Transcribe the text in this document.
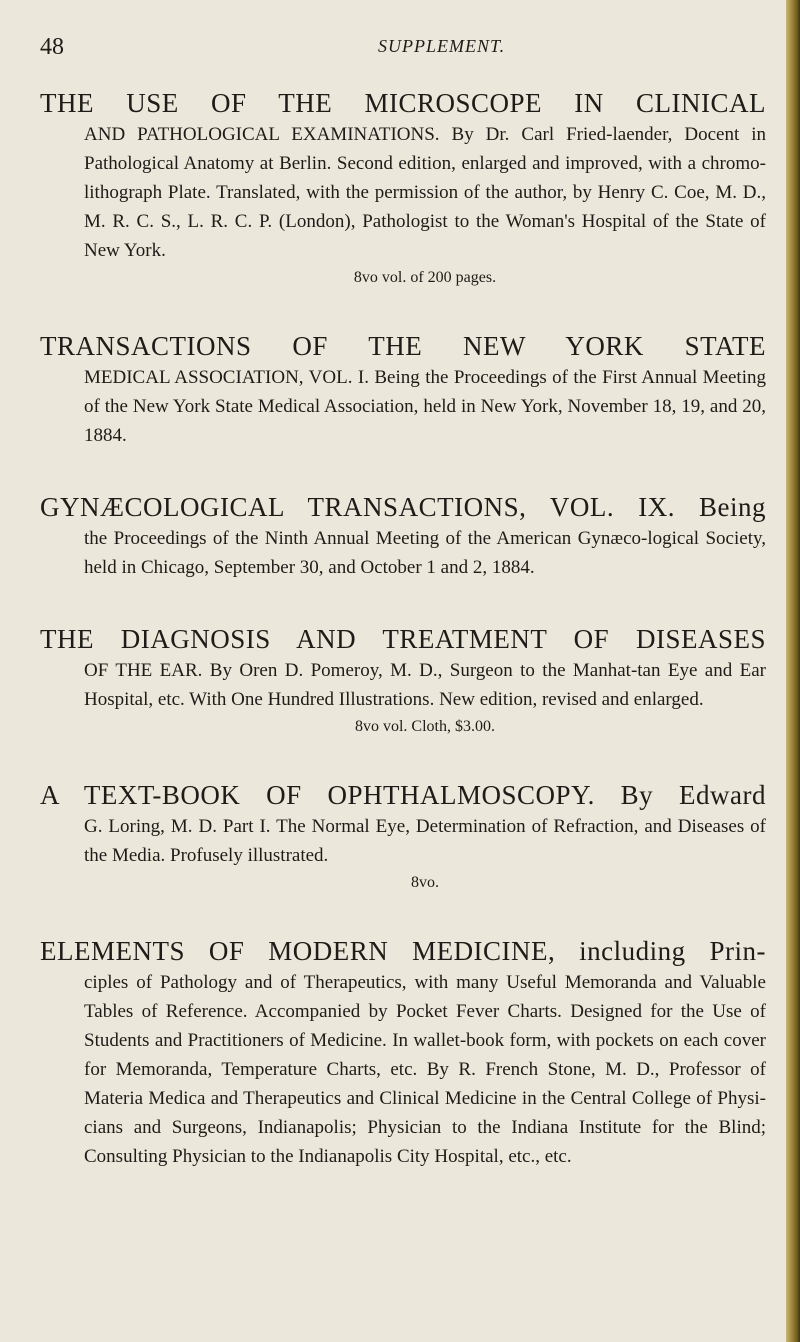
48	SUPPLEMENT.

THE USE OF THE MICROSCOPE IN CLINICAL

AND PATHOLOGICAL EXAMINATIONS. By Dr. Carl Fried-laender, Docent in Pathological Anatomy at Berlin. Second edition, enlarged and improved, with a chromo-lithograph Plate. Translated, with the permission of the author, by Henry C. Coe, M. D., M. R. C. S., L. R. C. P. (London), Pathologist to the Woman's Hospital of the State of New York.

8vo vol. of 200 pages.

TRANSACTIONS OF THE NEW YORK STATE

MEDICAL ASSOCIATION, VOL. I. Being the Proceedings of the First Annual Meeting of the New York State Medical Association, held in New York, November 18, 19, and 20, 1884.

GYNÆCOLOGICAL TRANSACTIONS, VOL. IX. Being

the Proceedings of the Ninth Annual Meeting of the American Gynæco-logical Society, held in Chicago, September 30, and October 1 and 2, 1884.

THE DIAGNOSIS AND TREATMENT OF DISEASES

OF THE EAR. By Oren D. Pomeroy, M. D., Surgeon to the Manhat-tan Eye and Ear Hospital, etc. With One Hundred Illustrations. New edition, revised and enlarged.

8vo vol. Cloth, $3.00.

A TEXT-BOOK OF OPHTHALMOSCOPY. By Edward

G. Loring, M. D. Part I. The Normal Eye, Determination of Refraction, and Diseases of the Media. Profusely illustrated.

8vo.

ELEMENTS OF MODERN MEDICINE, including Prin-

ciples of Pathology and of Therapeutics, with many Useful Memoranda and Valuable Tables of Reference. Accompanied by Pocket Fever Charts. Designed for the Use of Students and Practitioners of Medicine. In wallet-book form, with pockets on each cover for Memoranda, Temperature Charts, etc. By R. French Stone, M. D., Professor of Materia Medica and Therapeutics and Clinical Medicine in the Central College of Physi-cians and Surgeons, Indianapolis; Physician to the Indiana Institute for the Blind; Consulting Physician to the Indianapolis City Hospital, etc., etc.
